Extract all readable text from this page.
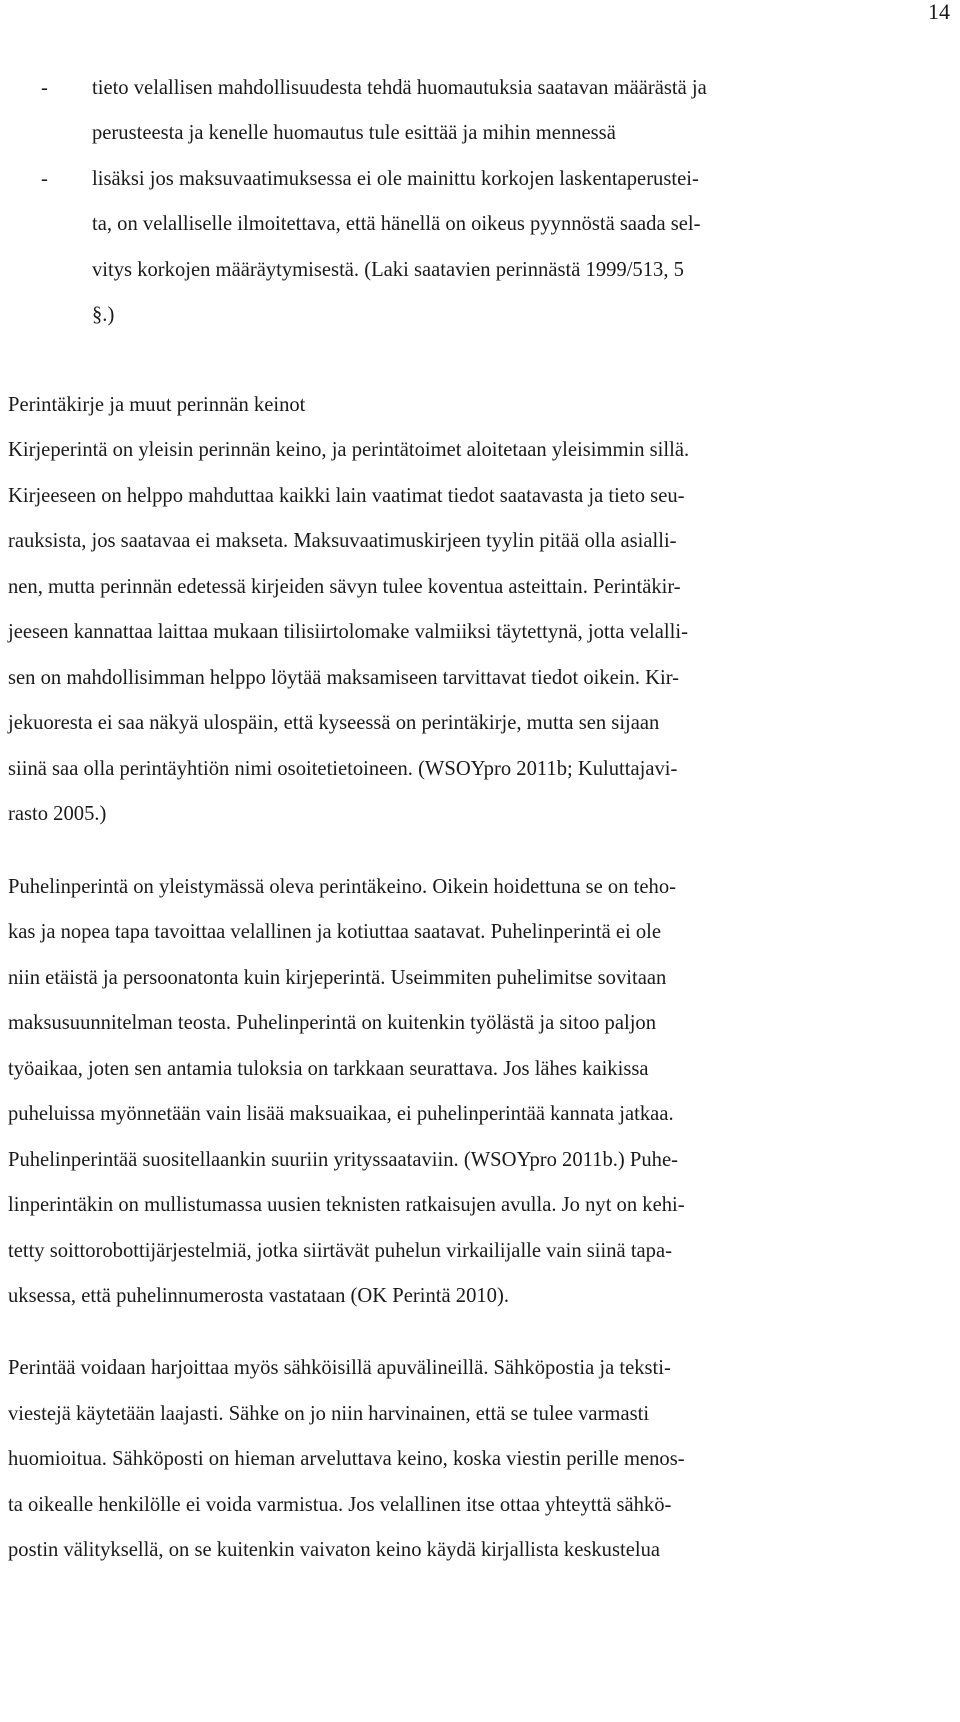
14
- tieto velallisen mahdollisuudesta tehdä huomautuksia saatavan määrästä ja
perusteesta ja kenelle huomautus tule esittää ja mihin mennessä
- lisäksi jos maksuvaatimuksessa ei ole mainittu korkojen laskentaperustei-
ta, on velalliselle ilmoitettava, että hänellä on oikeus pyynnöstä saada sel-
vitys korkojen määräytymisestä. (Laki saatavien perinnästä 1999/513, 5
§.)
Perintäkirje ja muut perinnän keinot
Kirjeperintä on yleisin perinnän keino, ja perintätoimet aloitetaan yleisimmin sillä.
Kirjeeseen on helppo mahduttaa kaikki lain vaatimat tiedot saatavasta ja tieto seu-
rauksista, jos saatavaa ei makseta. Maksuvaatimuskirjeen tyylin pitää olla asialli-
nen, mutta perinnän edetessä kirjeiden sävyn tulee koventua asteittain. Perintäkir-
jeeseen kannattaa laittaa mukaan tilisiirtolomake valmiiksi täytettynä, jotta velalli-
sen on mahdollisimman helppo löytää maksamiseen tarvittavat tiedot oikein. Kir-
jekuoresta ei saa näkyä ulospäin, että kyseessä on perintäkirje, mutta sen sijaan
siinä saa olla perintäyhtiön nimi osoitetietoineen. (WSOYpro 2011b; Kuluttajavi-
rasto 2005.)
Puhelinperintä on yleistymässä oleva perintäkeino. Oikein hoidettuna se on teho-
kas ja nopea tapa tavoittaa velallinen ja kotiuttaa saatavat. Puhelinperintä ei ole
niin etäistä ja persoonatonta kuin kirjeperintä. Useimmiten puhelimitse sovitaan
maksusuunnitelman teosta. Puhelinperintä on kuitenkin työlästä ja sitoo paljon
työaikaa, joten sen antamia tuloksia on tarkkaan seurattava. Jos lähes kaikissa
puheluissa myönnetään vain lisää maksuaikaa, ei puhelinperintää kannata jatkaa.
Puhelinperintää suositellaankin suuriin yrityssaataviin. (WSOYpro 2011b.) Puhe-
linperintäkin on mullistumassa uusien teknisten ratkaisujen avulla. Jo nyt on kehi-
tetty soittorobottijärjestelmiä, jotka siirtävät puhelun virkailijalle vain siinä tapa-
uksessa, että puhelinnumerosta vastataan (OK Perintä 2010).
Perintää voidaan harjoittaa myös sähköisillä apuvälineillä. Sähköpostia ja teksti-
viestejä käytetään laajasti. Sähke on jo niin harvinainen, että se tulee varmasti
huomioitua. Sähköposti on hieman arveluttava keino, koska viestin perille menos-
ta oikealle henkilölle ei voida varmistua. Jos velallinen itse ottaa yhteyttä sähkö-
postin välityksellä, on se kuitenkin vaivaton keino käydä kirjallista keskustelua
